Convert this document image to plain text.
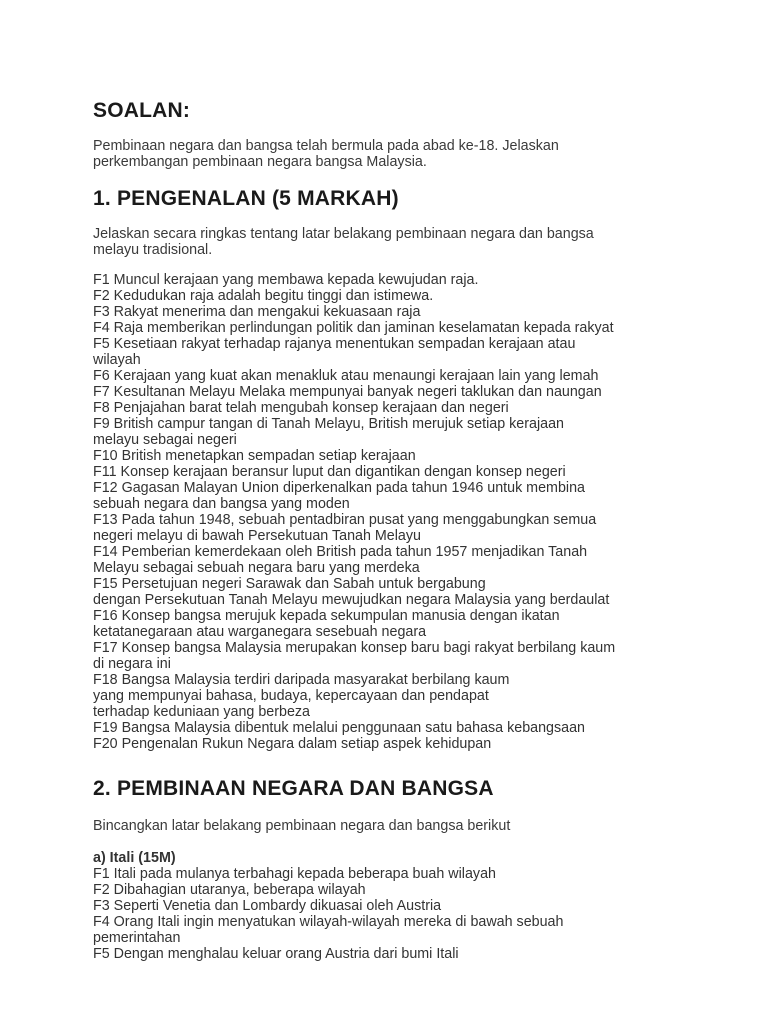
SOALAN:

Pembinaan negara dan bangsa telah bermula pada abad ke-18. Jelaskan

perkembangan pembinaan negara bangsa Malaysia.

1. PENGENALAN (5 MARKAH)

Jelaskan secara ringkas tentang latar belakang pembinaan negara dan bangsa

melayu tradisional.

F1 Muncul kerajaan yang membawa kepada kewujudan raja.
F2 Kedudukan raja adalah begitu tinggi dan istimewa.
F3 Rakyat menerima dan mengakui kekuasaan raja
F4 Raja memberikan perlindungan politik dan jaminan keselamatan kepada rakyat
F5 Kesetiaan rakyat terhadap rajanya menentukan sempadan kerajaan atau
wilayah
F6 Kerajaan yang kuat akan menakluk atau menaungi kerajaan lain yang lemah
F7 Kesultanan Melayu Melaka mempunyai banyak negeri taklukan dan naungan
F8 Penjajahan barat telah mengubah konsep kerajaan dan negeri
F9 British campur tangan di Tanah Melayu, British merujuk setiap kerajaan
melayu sebagai negeri
F10 British menetapkan sempadan setiap kerajaan
F11 Konsep kerajaan beransur luput dan digantikan dengan konsep negeri
F12 Gagasan Malayan Union diperkenalkan pada tahun 1946 untuk membina
sebuah negara dan bangsa yang moden
F13 Pada tahun 1948, sebuah pentadbiran pusat yang menggabungkan semua
negeri melayu di bawah Persekutuan Tanah Melayu
F14 Pemberian kemerdekaan oleh British pada tahun 1957 menjadikan Tanah
Melayu sebagai sebuah negara baru yang merdeka
F15 Persetujuan negeri Sarawak dan Sabah untuk bergabung
dengan Persekutuan Tanah Melayu mewujudkan negara Malaysia yang berdaulat
F16 Konsep bangsa merujuk kepada sekumpulan manusia dengan ikatan
ketatanegaraan atau warganegara sesebuah negara
F17 Konsep bangsa Malaysia merupakan konsep baru bagi rakyat berbilang kaum
di negara ini
F18 Bangsa Malaysia terdiri daripada masyarakat berbilang kaum
yang mempunyai bahasa, budaya, kepercayaan dan pendapat
terhadap keduniaan yang berbeza
F19 Bangsa Malaysia dibentuk melalui penggunaan satu bahasa kebangsaan
F20 Pengenalan Rukun Negara dalam setiap aspek kehidupan
2. PEMBINAAN NEGARA DAN BANGSA

Bincangkan latar belakang pembinaan negara dan bangsa berikut

a) Itali (15M)

F1 Itali pada mulanya terbahagi kepada beberapa buah wilayah
F2 Dibahagian utaranya, beberapa wilayah
F3 Seperti Venetia dan Lombardy dikuasai oleh Austria
F4 Orang Itali ingin menyatukan wilayah-wilayah mereka di bawah sebuah
pemerintahan
F5 Dengan menghalau keluar orang Austria dari bumi Itali
